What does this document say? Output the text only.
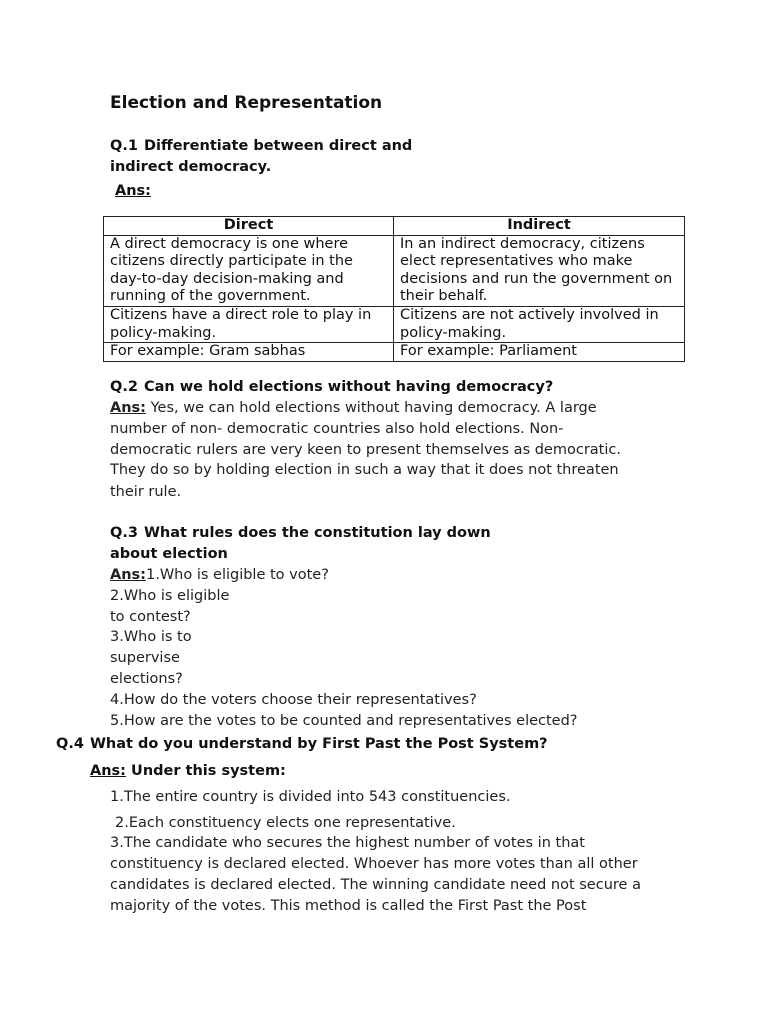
Election and Representation
Q.1 Differentiate between direct and
indirect democracy.
Ans:
Direct	Indirect
A direct democracy is one where citizens directly participate in the day-to-day decision-making and running of the government.	In an indirect democracy, citizens elect representatives who make decisions and run the government on their behalf.
Citizens have a direct role to play in policy-making.	Citizens are not actively involved in policy-making.
For example: Gram sabhas	For example: Parliament
Q.2 Can we hold elections without having democracy?
Ans: Yes, we can hold elections without having democracy. A large
number of non- democratic countries also hold elections. Non-
democratic rulers are very keen to present themselves as democratic.
They do so by holding election in such a way that it does not threaten
their rule.
Q.3 What rules does the constitution lay down
about election
Ans:1.Who is eligible to vote?
2.Who is eligible
to contest?
3.Who is to
supervise
elections?
4.How do the voters choose their representatives?
5.How are the votes to be counted and representatives elected?
Q.4 What do you understand by First Past the Post System?
Ans: Under this system:
1.The entire country is divided into 543 constituencies.
2.Each constituency elects one representative.
3.The candidate who secures the highest number of votes in that
constituency is declared elected. Whoever has more votes than all other
candidates is declared elected. The winning candidate need not secure a
majority of the votes. This method is called the First Past the Post
